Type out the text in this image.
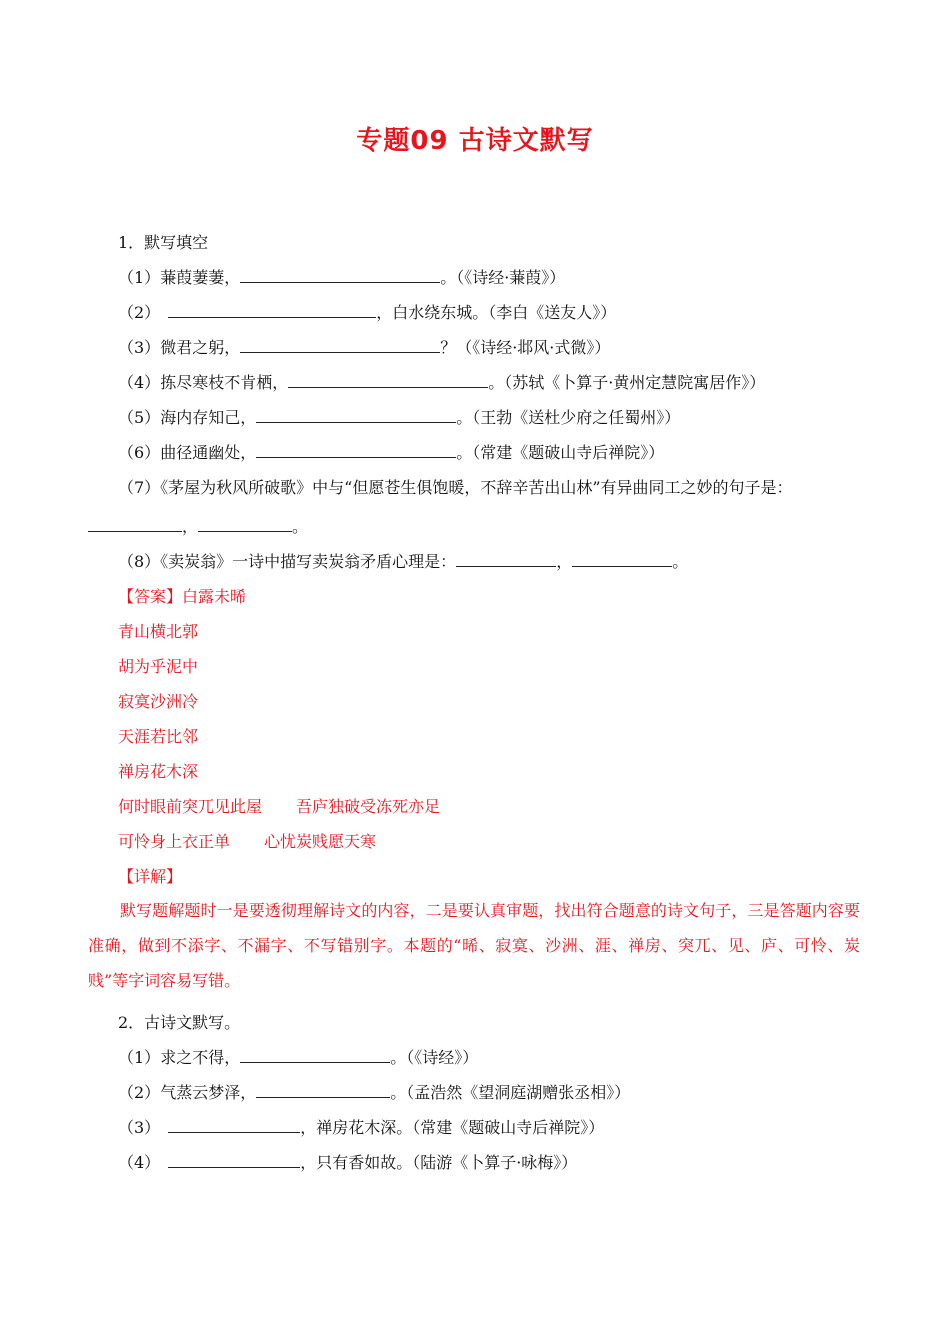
专题09 古诗文默写
1．默写填空
（1）蒹葭萋萋，	。（《诗经·蒹葭》）
（2）	，白水绕东城。（李白《送友人》）
（3）微君之躬，	？（《诗经·邶风·式微》）
（4）拣尽寒枝不肯栖，	。（苏轼《卜算子·黄州定慧院寓居作》）
（5）海内存知己，	。（王勃《送杜少府之任蜀州》）
（6）曲径通幽处，	。（常建《题破山寺后禅院》）
（7）《茅屋为秋风所破歌》中与“但愿苍生俱饱暖，不辞辛苦出山林”有异曲同工之妙的句子是：
，	。
（8）《卖炭翁》一诗中描写卖炭翁矛盾心理是：	，	。
【答案】白露未晞
青山横北郭
胡为乎泥中
寂寞沙洲冷
天涯若比邻
禅房花木深
何时眼前突兀见此屋 吾庐独破受冻死亦足
可怜身上衣正单 心忧炭贱愿天寒
【详解】
默写题解题时一是要透彻理解诗文的内容，二是要认真审题，找出符合题意的诗文句子，三是答题内容要准确，做到不添字、不漏字、不写错别字。本题的“晞、寂寞、沙洲、涯、禅房、突兀、见、庐、可怜、炭贱”等字词容易写错。
2．古诗文默写。
（1）求之不得，	。（《诗经》）
（2）气蒸云梦泽，	。（孟浩然《望洞庭湖赠张丞相》）
（3）	，禅房花木深。（常建《题破山寺后禅院》）
（4）	，只有香如故。（陆游《卜算子·咏梅》）
